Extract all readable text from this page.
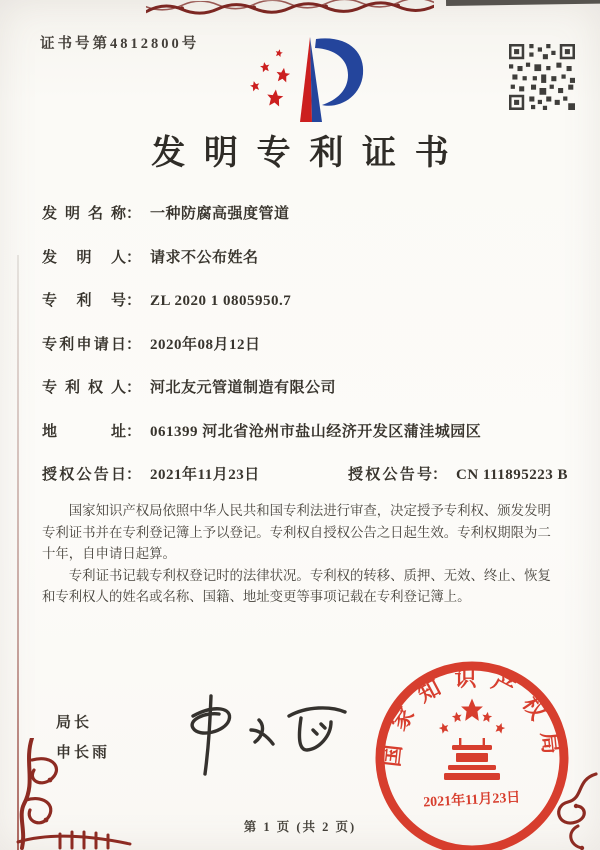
证书号第4812800号
发明专利证书
发明名称： 一种防腐高强度管道
发明人： 请求不公布姓名
专利号： ZL 2020 1 0805950.7
专利申请日： 2020年08月12日
专利权人： 河北友元管道制造有限公司
地址： 061399 河北省沧州市盐山经济开发区蒲洼城园区
授权公告日： 2021年11月23日	授权公告号： CN 111895223 B

国家知识产权局依照中华人民共和国专利法进行审查，决定授予专利权、颁发发明专利证书并在专利登记簿上予以登记。专利权自授权公告之日起生效。专利权期限为二十年，自申请日起算。

专利证书记载专利权登记时的法律状况。专利权的转移、质押、无效、终止、恢复和专利权人的姓名或名称、国籍、地址变更等事项记载在专利登记簿上。

局长
申长雨	国家知识产权局
2021年11月23日
第 1 页 (共 2 页)
